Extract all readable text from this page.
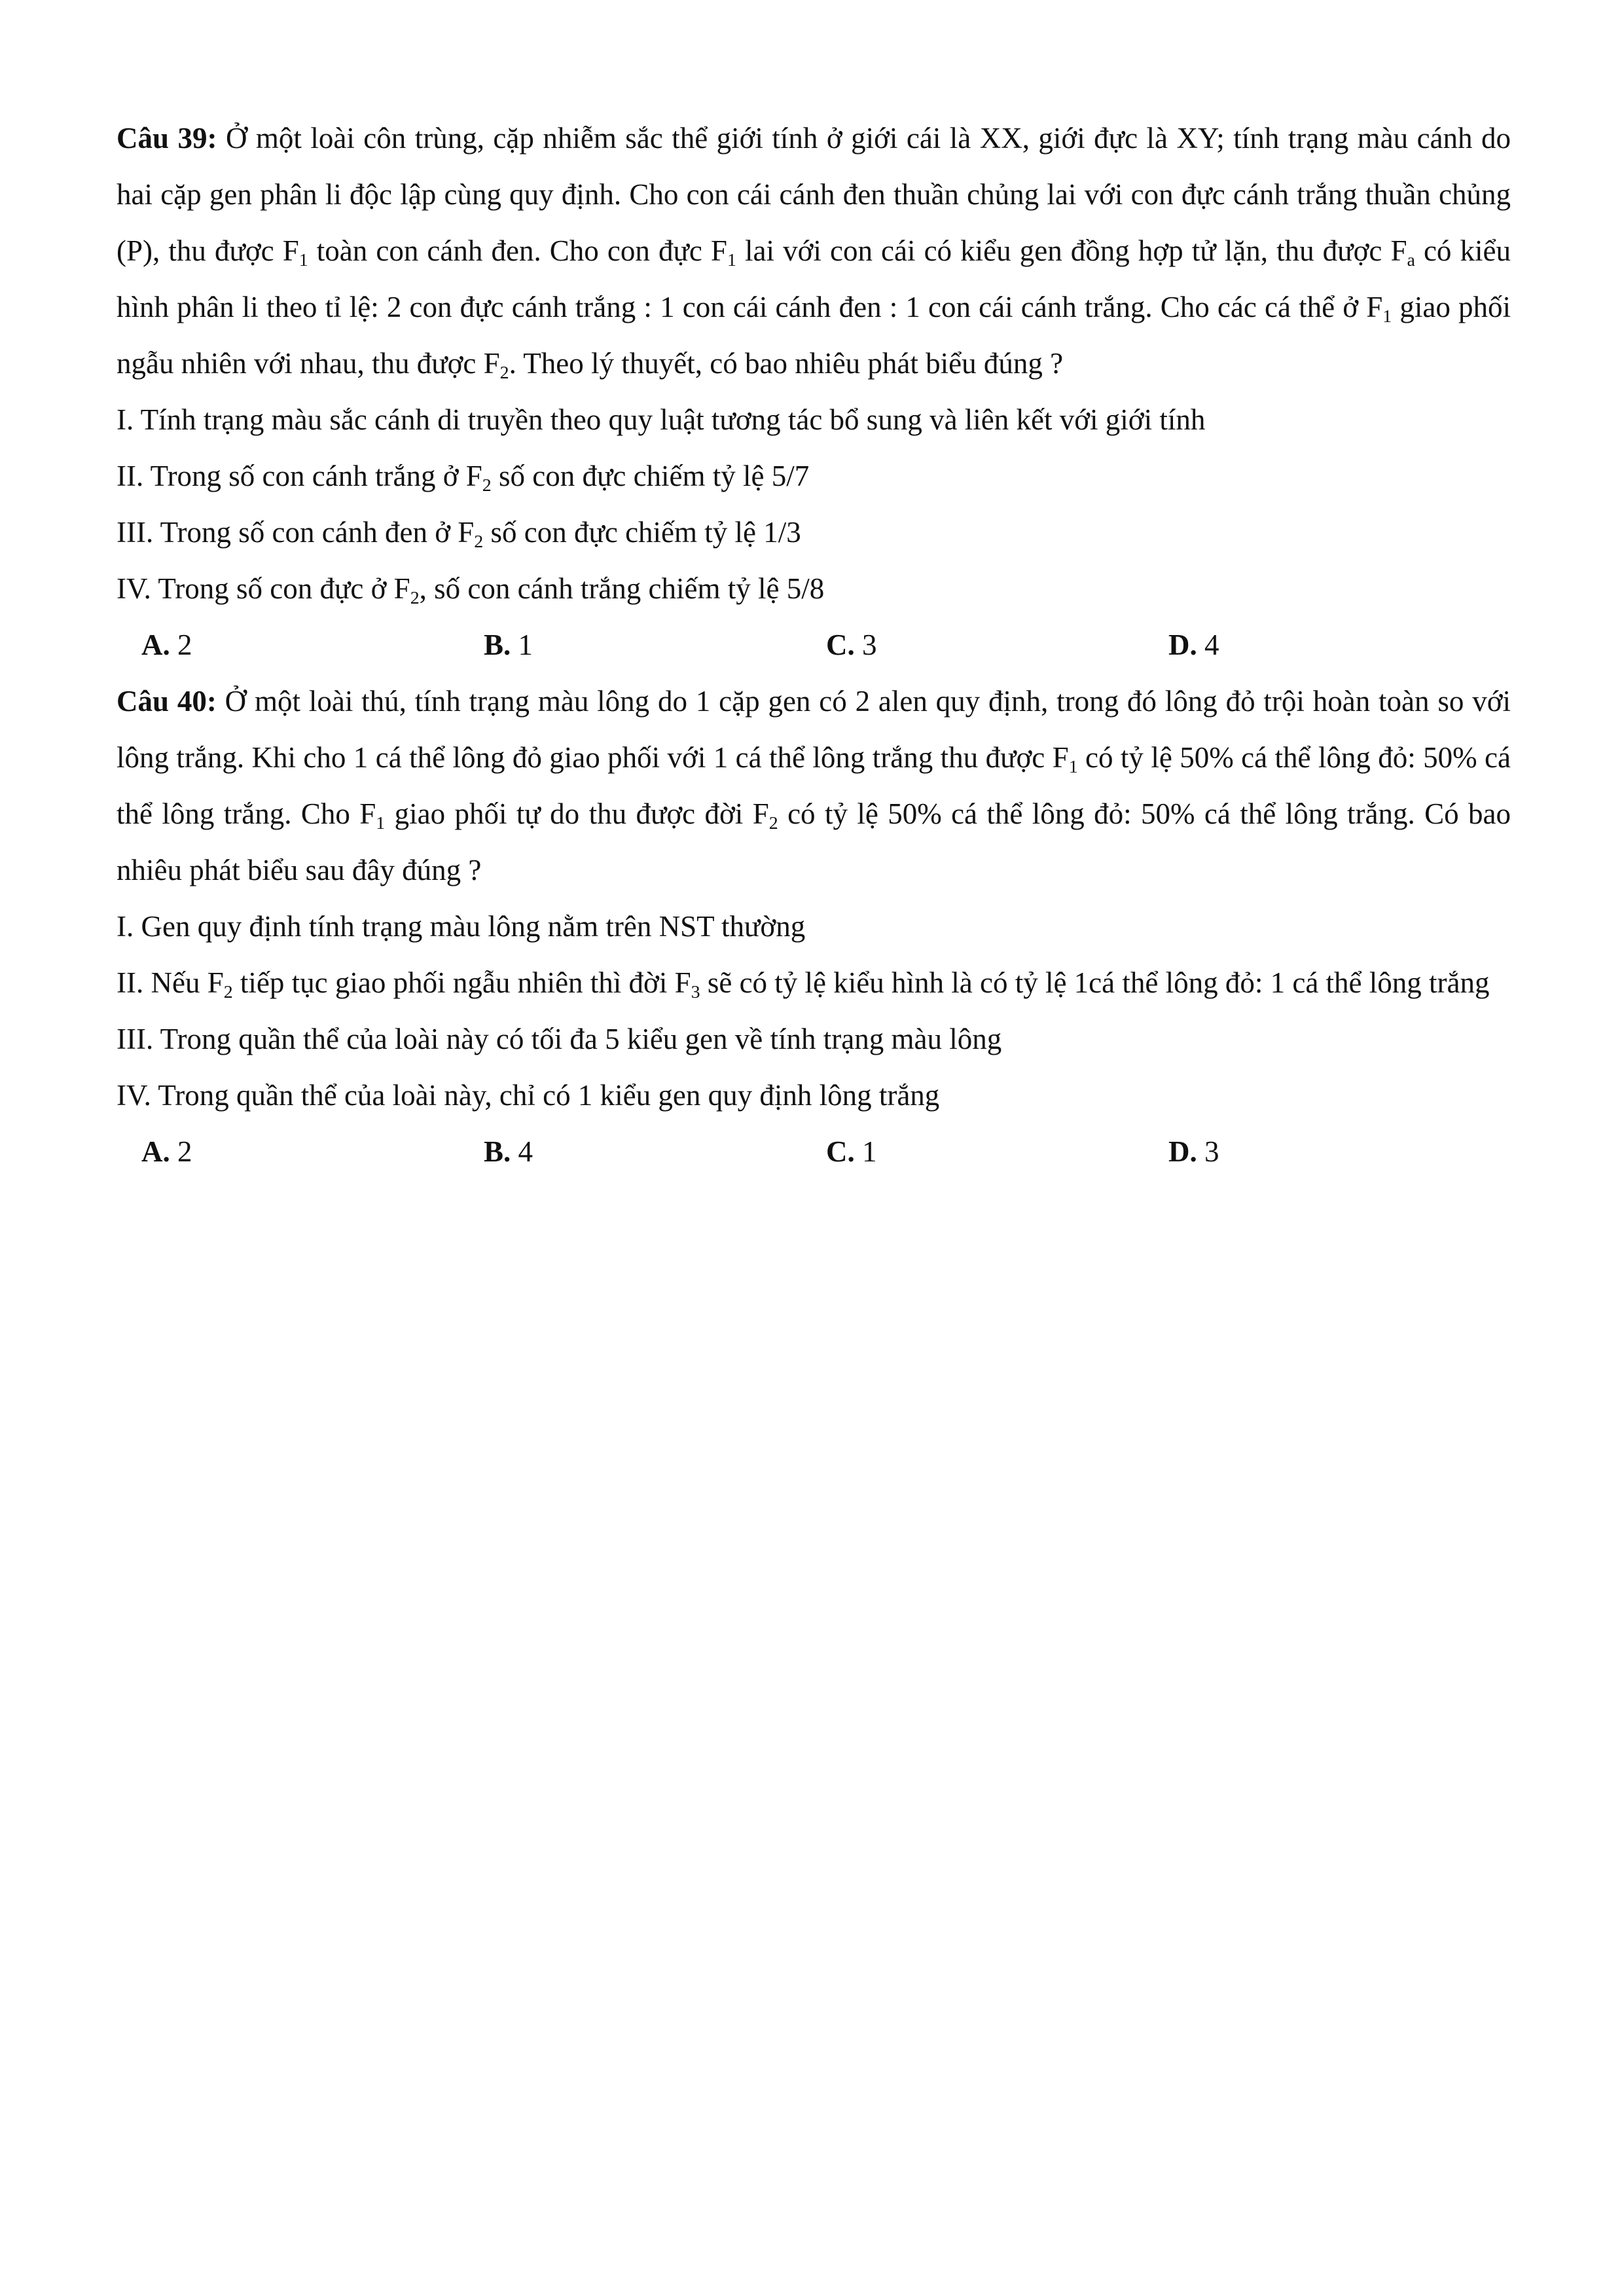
Câu 39: Ở một loài côn trùng, cặp nhiễm sắc thể giới tính ở giới cái là XX, giới đực là XY; tính trạng màu cánh do hai cặp gen phân li độc lập cùng quy định. Cho con cái cánh đen thuần chủng lai với con đực cánh trắng thuần chủng (P), thu được $F_1$ toàn con cánh đen. Cho con đực $F_1$ lai với con cái có kiểu gen đồng hợp tử lặn, thu được $F_a$ có kiểu hình phân li theo tỉ lệ: 2 con đực cánh trắng : 1 con cái cánh đen : 1 con cái cánh trắng. Cho các cá thể ở $F_1$ giao phối ngẫu nhiên với nhau, thu được $F_2$. Theo lý thuyết, có bao nhiêu phát biểu đúng ?

I. Tính trạng màu sắc cánh di truyền theo quy luật tương tác bổ sung và liên kết với giới tính

II. Trong số con cánh trắng ở $F_2$ số con đực chiếm tỷ lệ 5/7

III. Trong số con cánh đen ở $F_2$ số con đực chiếm tỷ lệ 1/3

IV. Trong số con đực ở $F_2$, số con cánh trắng chiếm tỷ lệ 5/8

A. 2	B. 1	C. 3	D. 4

Câu 40: Ở một loài thú, tính trạng màu lông do 1 cặp gen có 2 alen quy định, trong đó lông đỏ trội hoàn toàn so với lông trắng. Khi cho 1 cá thể lông đỏ giao phối với 1 cá thể lông trắng thu được $F_1$ có tỷ lệ 50% cá thể lông đỏ: 50% cá thể lông trắng. Cho $F_1$ giao phối tự do thu được đời $F_2$ có tỷ lệ 50% cá thể lông đỏ: 50% cá thể lông trắng. Có bao nhiêu phát biểu sau đây đúng ?

I. Gen quy định tính trạng màu lông nằm trên NST thường

II. Nếu $F_2$ tiếp tục giao phối ngẫu nhiên thì đời $F_3$ sẽ có tỷ lệ kiểu hình là có tỷ lệ 1cá thể lông đỏ: 1 cá thể lông trắng

III. Trong quần thể của loài này có tối đa 5 kiểu gen về tính trạng màu lông

IV. Trong quần thể của loài này, chỉ có 1 kiểu gen quy định lông trắng

A. 2	B. 4	C. 1	D. 3
